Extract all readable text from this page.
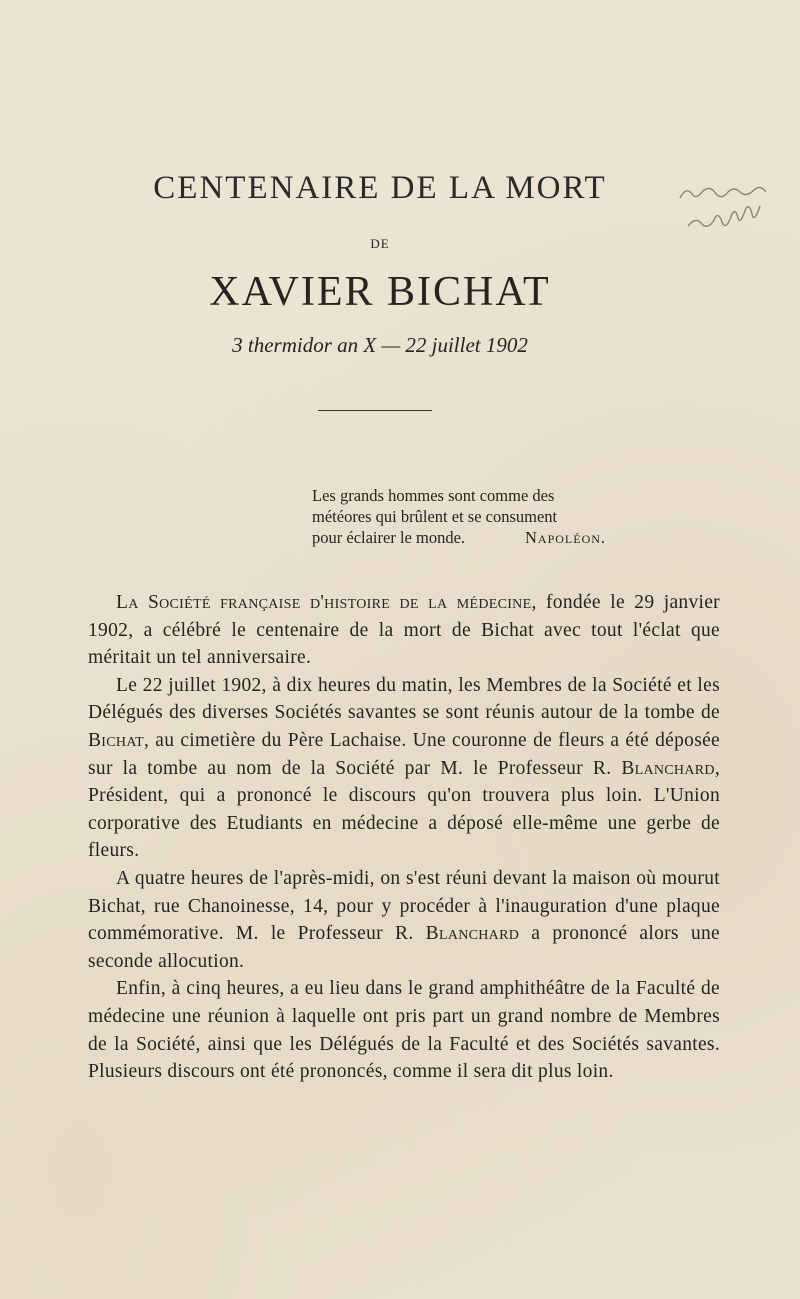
CENTENAIRE DE LA MORT
DE
XAVIER BICHAT
3 thermidor an X — 22 juillet 1902
Les grands hommes sont comme des
météores qui brûlent et se consument
pour éclairer le monde.	Napoléon.

La Société française d'histoire de la médecine, fondée le 29 janvier 1902, a célébré le centenaire de la mort de Bichat avec tout l'éclat que méritait un tel anniversaire.

Le 22 juillet 1902, à dix heures du matin, les Membres de la Société et les Délégués des diverses Sociétés savantes se sont réunis autour de la tombe de Bichat, au cimetière du Père Lachaise. Une couronne de fleurs a été déposée sur la tombe au nom de la Société par M. le Professeur R. Blanchard, Président, qui a prononcé le discours qu'on trouvera plus loin. L'Union corporative des Etudiants en médecine a déposé elle-même une gerbe de fleurs.

A quatre heures de l'après-midi, on s'est réuni devant la maison où mourut Bichat, rue Chanoinesse, 14, pour y procéder à l'inauguration d'une plaque commémorative. M. le Professeur R. Blanchard a prononcé alors une seconde allocution.

Enfin, à cinq heures, a eu lieu dans le grand amphithéâtre de la Faculté de médecine une réunion à laquelle ont pris part un grand nombre de Membres de la Société, ainsi que les Délégués de la Faculté et des Sociétés savantes. Plusieurs discours ont été prononcés, comme il sera dit plus loin.
